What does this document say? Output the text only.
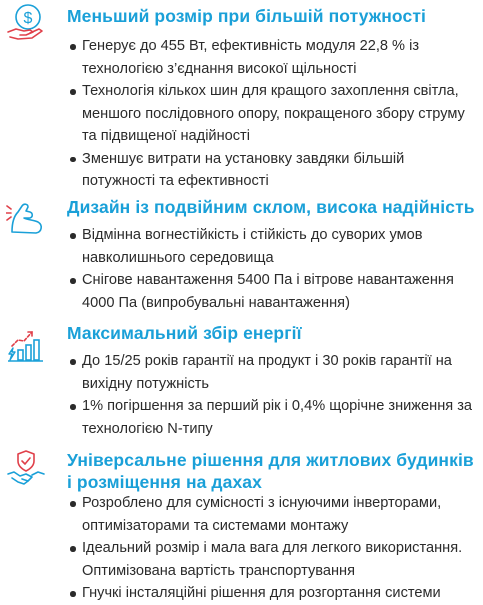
$ Меньший розмір при більшій потужності
Генерує до 455 Вт, ефективність модуля 22,8 % із технологією з’єднання високої щільності
Технологія кількох шин для кращого захоплення світла, меншого послідовного опору, покращеного збору струму та підвищеної надійності
Зменшує витрати на установку завдяки більшій потужності та ефективності
Дизайн із подвійним склом, висока надійність
Відмінна вогнестійкість і стійкість до суворих умов навколишнього середовища
Снігове навантаження 5400 Па і вітрове навантаження 4000 Па (випробувальні навантаження)
Максимальний збір енергії
До 15/25 років гарантії на продукт і 30 років гарантії на вихідну потужність
1% погіршення за перший рік і 0,4% щорічне зниження за технологією N-типу
Універсальне рішення для житлових будинків і розміщення на дахах
Розроблено для сумісності з існуючими інверторами, оптимізаторами та системами монтажу
Ідеальний розмір і мала вага для легкого використання. Оптимізована вартість транспортування
Гнучкі інсталяційні рішення для розгортання системи
